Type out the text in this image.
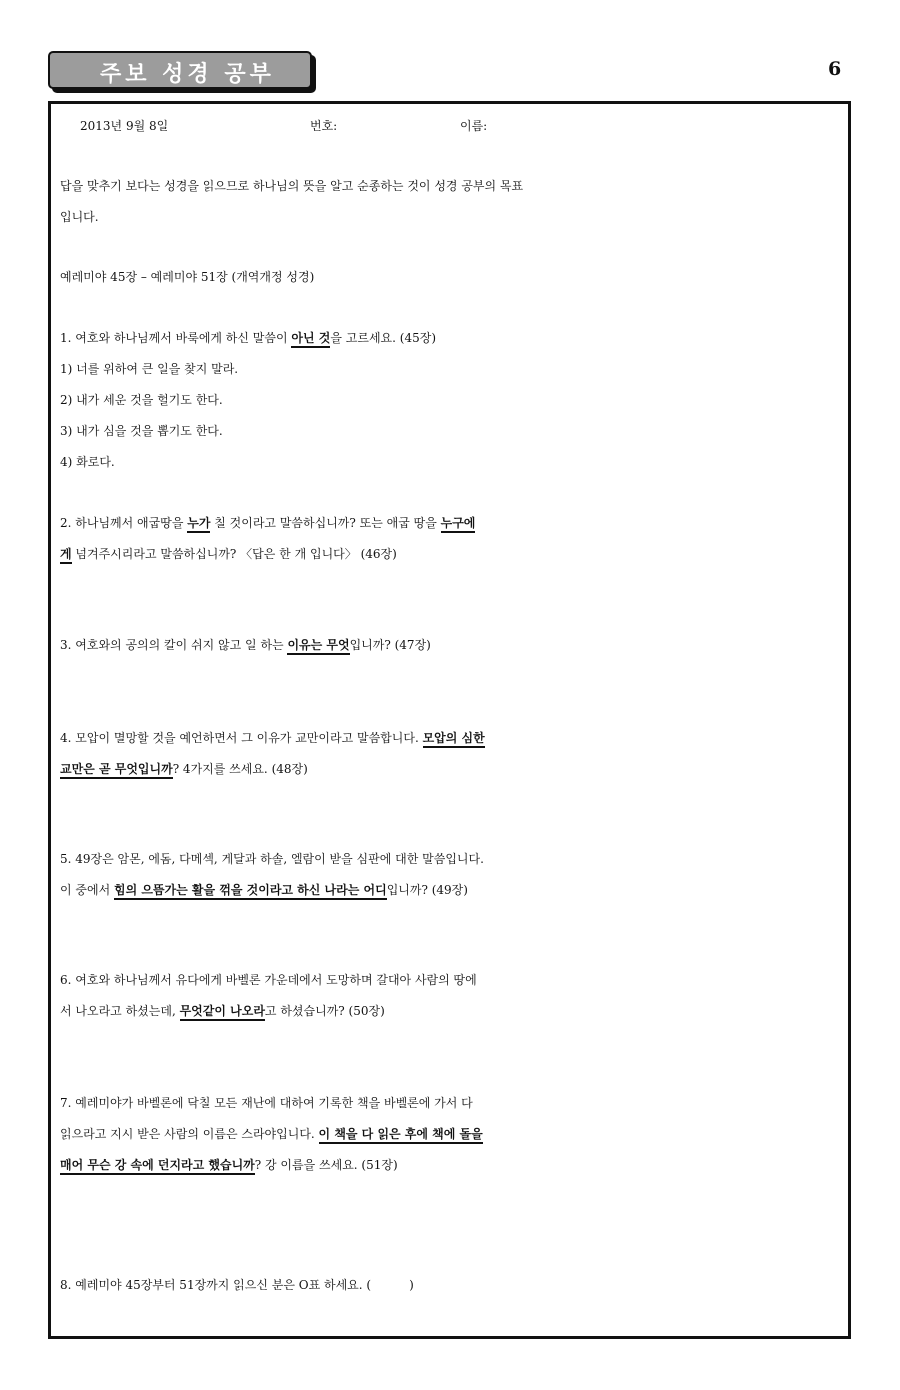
주보 성경 공부	6
2013년 9월 8일	번호:	이름:
답을 맞추기 보다는 성경을 읽으므로 하나님의 뜻을 알고 순종하는 것이 성경 공부의 목표
입니다.
예레미야 45장 – 예레미야 51장 (개역개정 성경)
1. 여호와 하나님께서 바룩에게 하신 말씀이 아닌 것을 고르세요. (45장)
1) 너를 위하여 큰 일을 찾지 말라.
2) 내가 세운 것을 헐기도 한다.
3) 내가 심을 것을 뽑기도 한다.
4) 화로다.
2. 하나님께서 애굽땅을 누가 칠 것이라고 말씀하십니까? 또는 애굽 땅을 누구에
게 넘겨주시리라고 말씀하십니까? 〈답은 한 개 입니다〉 (46장)
3. 여호와의 공의의 칼이 쉬지 않고 일 하는 이유는 무엇입니까? (47장)
4. 모압이 멸망할 것을 예언하면서 그 이유가 교만이라고 말씀합니다. 모압의 심한
교만은 곧 무엇입니까? 4가지를 쓰세요. (48장)
5. 49장은 암몬, 에돔, 다메섹, 게달과 하솔, 엘람이 받을 심판에 대한 말씀입니다.
이 중에서 힘의 으뜸가는 활을 꺾을 것이라고 하신 나라는 어디입니까? (49장)
6. 여호와 하나님께서 유다에게 바벨론 가운데에서 도망하며 갈대아 사람의 땅에
서 나오라고 하셨는데, 무엇같이 나오라고 하셨습니까? (50장)
7. 예레미야가 바벨론에 닥칠 모든 재난에 대하여 기록한 책을 바벨론에 가서 다
읽으라고 지시 받은 사람의 이름은 스라야입니다. 이 책을 다 읽은 후에 책에 돌을
매어 무슨 강 속에 던지라고 했습니까? 강 이름을 쓰세요. (51장)
8. 예레미야 45장부터 51장까지 읽으신 분은 O표 하세요. (	)
